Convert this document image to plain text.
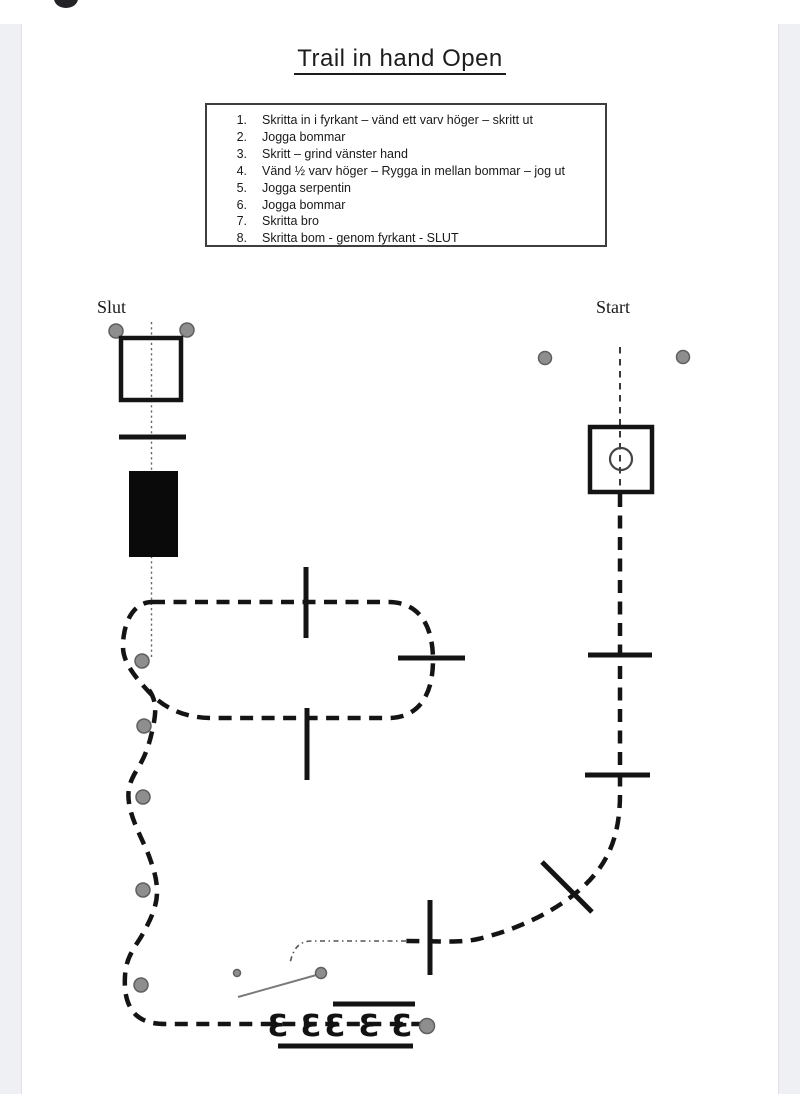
Trail in hand Open
1.	Skritta in i fyrkant – vänd ett varv höger – skritt ut
2.	Jogga bommar
3.	Skritt – grind vänster hand
4.	Vänd ½ varv höger – Rygga in mellan bommar – jog ut
5.	Jogga serpentin
6.	Jogga bommar
7.	Skritta bro
8.	Skritta bom - genom fyrkant - SLUT
Slut	Start
Ɛ Ɛ Ɛ Ɛ Ɛ
